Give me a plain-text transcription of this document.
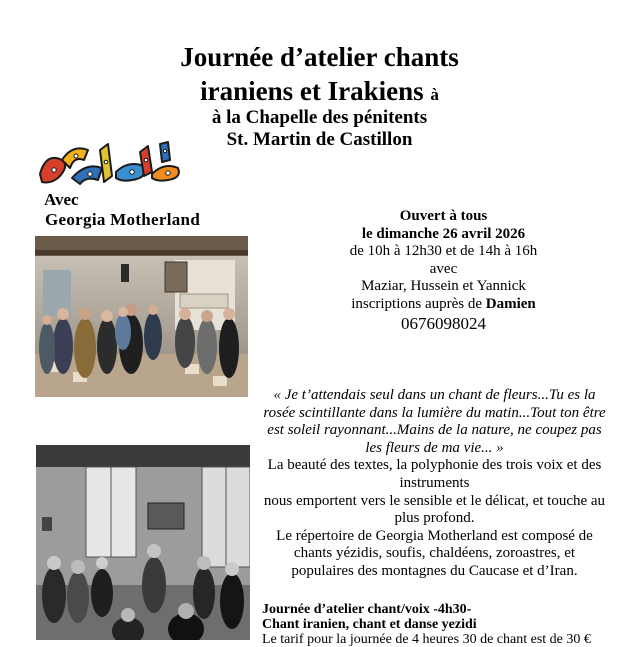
Journée d’atelier chants
iraniens et Irakiens à
à la Chapelle des pénitents
St. Martin de Castillon
Avec
Georgia Motherland	Ouvert à tous
le dimanche 26 avril 2026
de 10h à 12h30 et de 14h à 16h
avec
Maziar, Hussein et Yannick
inscriptions auprès de Damien
0676098024
« Je t’attendais seul dans un chant de fleurs...Tu es la rosée scintillante dans la lumière du matin...Tout ton être est soleil rayonnant...Mains de la nature, ne coupez pas les fleurs de ma vie... »
La beauté des textes, la polyphonie des trois voix et des instruments
nous emportent vers le sensible et le délicat, et touche au plus profond.
Le répertoire de Georgia Motherland est composé de chants yézidis, soufis, chaldéens, zoroastres, et populaires des montagnes du Caucase et d’Iran.
Journée d’atelier chant/voix -4h30-
Chant iranien, chant et danse yezidi
Le tarif pour la journée de 4 heures 30 de chant est de 30 €
